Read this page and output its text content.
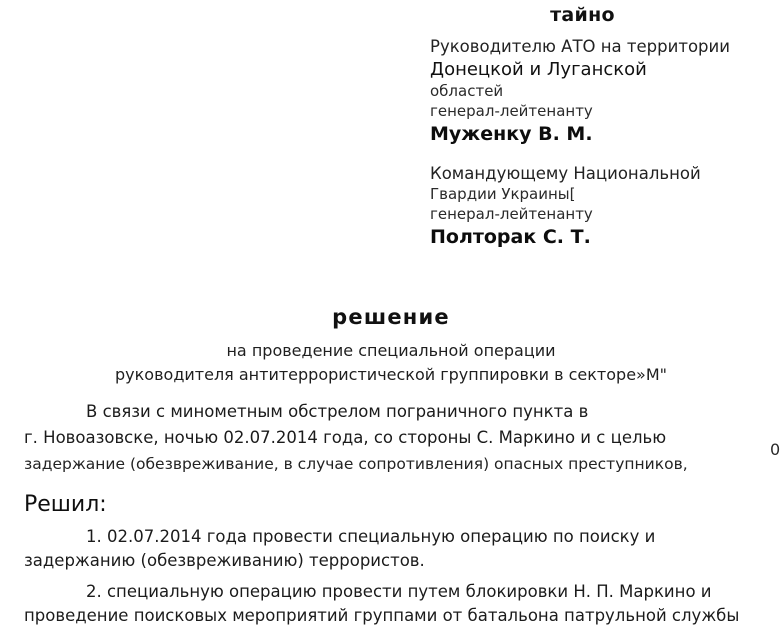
тайно
Руководителю АТО на территории
Донецкой и Луганской
областей
генерал-лейтенанту
Муженку В. М.
Командующему Национальной
Гвардии Украины[
генерал-лейтенанту
Полторак С. Т.
решение
на проведение специальной операции
руководителя антитеррористической группировки в секторе»М"
В связи с минометным обстрелом пограничного пункта в
г. Новоазовске, ночью 02.07.2014 года, со стороны С. Маркино и с целью
задержание (обезвреживание, в случае сопротивления) опасных преступников,
Решил:
1. 02.07.2014 года провести специальную операцию по поиску и
задержанию (обезвреживанию) террористов.
2. специальную операцию провести путем блокировки Н. П. Маркино и
проведение поисковых мероприятий группами от батальона патрульной службы
0
